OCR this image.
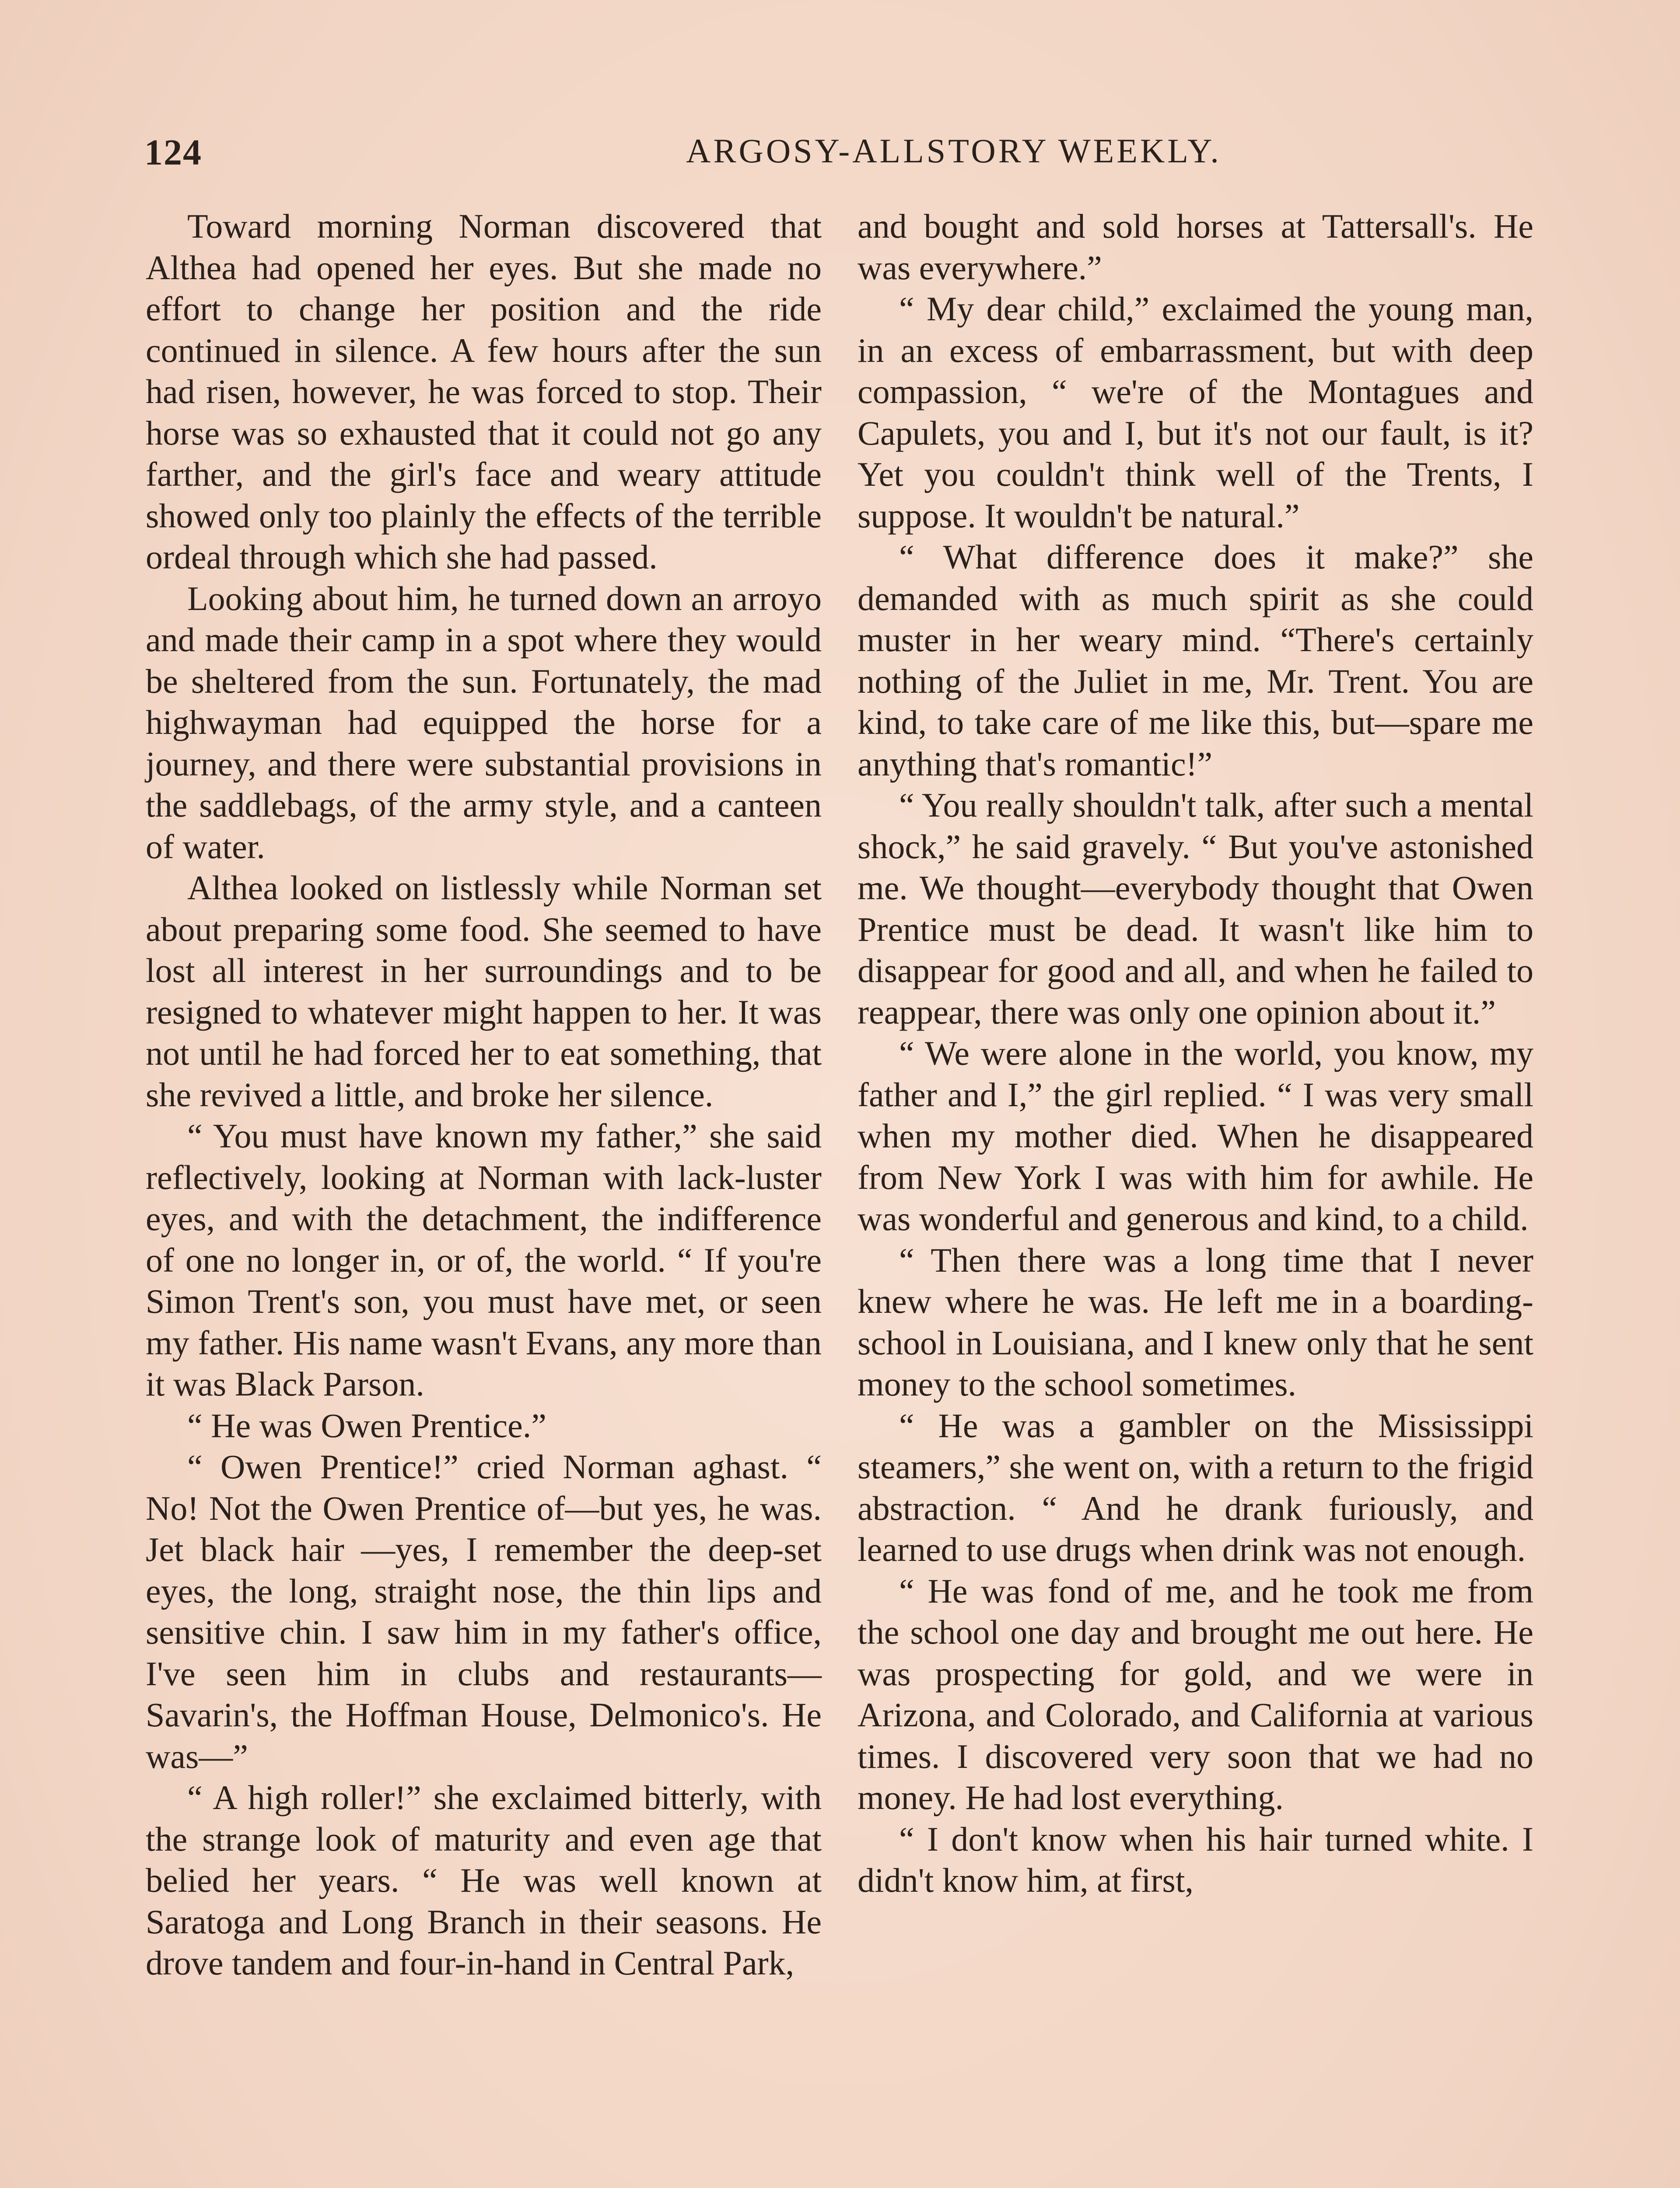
124	ARGOSY-ALLSTORY WEEKLY.

Toward morning Norman discovered that Althea had opened her eyes. But she made no effort to change her position and the ride continued in silence. A few hours after the sun had risen, however, he was forced to stop. Their horse was so exhausted that it could not go any farther, and the girl's face and weary attitude showed only too plainly the effects of the terrible ordeal through which she had passed.

Looking about him, he turned down an arroyo and made their camp in a spot where they would be sheltered from the sun. Fortunately, the mad highwayman had equipped the horse for a journey, and there were substantial provisions in the saddlebags, of the army style, and a canteen of water.

Althea looked on listlessly while Norman set about preparing some food. She seemed to have lost all interest in her surroundings and to be resigned to whatever might happen to her. It was not until he had forced her to eat something, that she revived a little, and broke her silence.

“ You must have known my father,” she said reflectively, looking at Norman with lack-luster eyes, and with the detachment, the indifference of one no longer in, or of, the world. “ If you're Simon Trent's son, you must have met, or seen my father. His name wasn't Evans, any more than it was Black Parson.

“ He was Owen Prentice.”

“ Owen Prentice!” cried Norman aghast. “ No! Not the Owen Prentice of—but yes, he was. Jet black hair —yes, I remember the deep-set eyes, the long, straight nose, the thin lips and sensitive chin. I saw him in my father's office, I've seen him in clubs and restaurants—Savarin's, the Hoffman House, Delmonico's. He was—”

“ A high roller!” she exclaimed bitterly, with the strange look of maturity and even age that belied her years. “ He was well known at Saratoga and Long Branch in their seasons. He drove tandem and four-in-hand in Central Park,

and bought and sold horses at Tattersall's. He was everywhere.”

“ My dear child,” exclaimed the young man, in an excess of embarrassment, but with deep compassion, “ we're of the Montagues and Capulets, you and I, but it's not our fault, is it? Yet you couldn't think well of the Trents, I suppose. It wouldn't be natural.”

“ What difference does it make?” she demanded with as much spirit as she could muster in her weary mind. “There's certainly nothing of the Juliet in me, Mr. Trent. You are kind, to take care of me like this, but—spare me anything that's romantic!”

“ You really shouldn't talk, after such a mental shock,” he said gravely. “ But you've astonished me. We thought—everybody thought that Owen Prentice must be dead. It wasn't like him to disappear for good and all, and when he failed to reappear, there was only one opinion about it.”

“ We were alone in the world, you know, my father and I,” the girl replied. “ I was very small when my mother died. When he disappeared from New York I was with him for awhile. He was wonderful and generous and kind, to a child.

“ Then there was a long time that I never knew where he was. He left me in a boarding-school in Louisiana, and I knew only that he sent money to the school sometimes.

“ He was a gambler on the Mississippi steamers,” she went on, with a return to the frigid abstraction. “ And he drank furiously, and learned to use drugs when drink was not enough.

“ He was fond of me, and he took me from the school one day and brought me out here. He was prospecting for gold, and we were in Arizona, and Colorado, and California at various times. I discovered very soon that we had no money. He had lost everything.

“ I don't know when his hair turned white. I didn't know him, at first,
